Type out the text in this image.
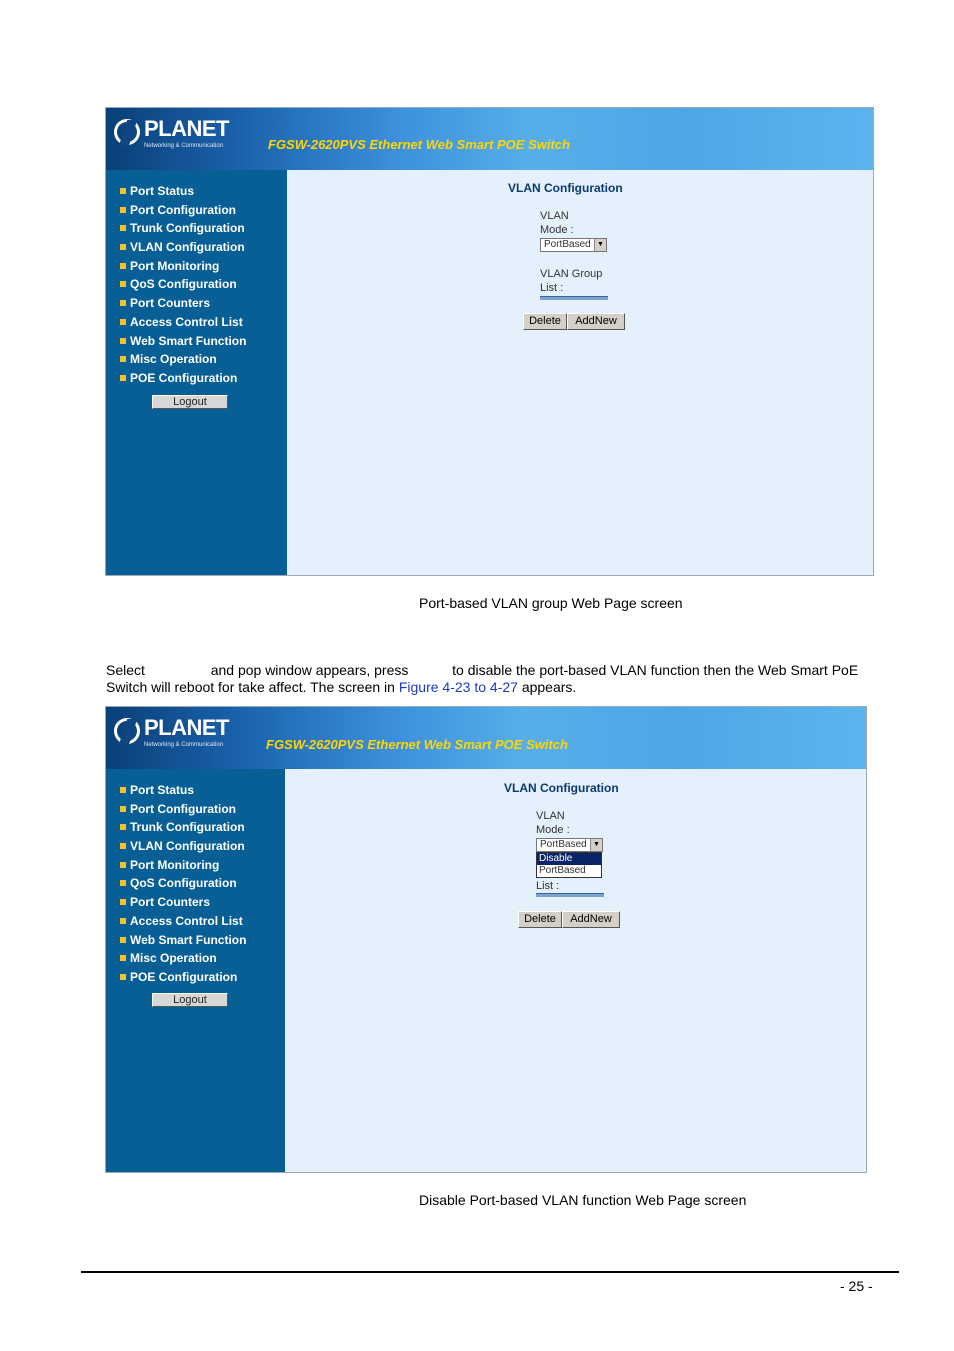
PLANET
Networking & Communication	FGSW-2620PVS Ethernet Web Smart POE Switch
Port Status
Port Configuration
Trunk Configuration
VLAN Configuration
Port Monitoring
QoS Configuration
Port Counters
Access Control List
Web Smart Function
Misc Operation
POE Configuration
Logout
VLAN Configuration
VLAN
Mode :
PortBased ▼
VLAN Group
List :
Delete	AddNew
Port-based VLAN group Web Page screen
Select	and pop window appears, press	to disable the port-based VLAN function then the Web Smart PoE
Switch will reboot for take affect. The screen in Figure 4-23 to 4-27 appears.
PLANET
Networking & Communication	FGSW-2620PVS Ethernet Web Smart POE Switch
Port Status
Port Configuration
Trunk Configuration
VLAN Configuration
Port Monitoring
QoS Configuration
Port Counters
Access Control List
Web Smart Function
Misc Operation
POE Configuration
Logout
VLAN Configuration
VLAN
Mode :
PortBased ▼
Disable
PortBased
List :
Delete	AddNew
Disable Port-based VLAN function Web Page screen
- 25 -
